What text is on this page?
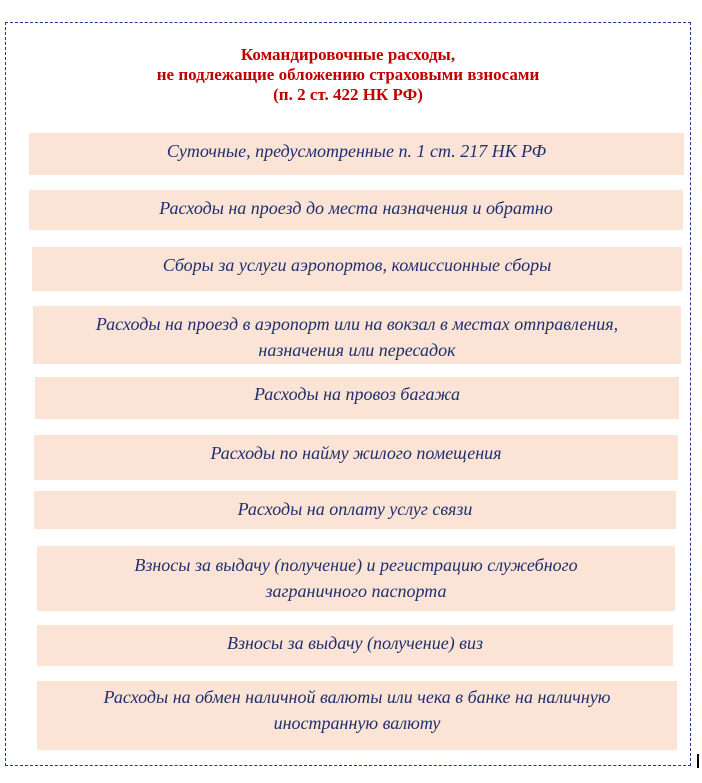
Командировочные расходы,
не подлежащие обложению страховыми взносами
(п. 2 ст. 422 НК РФ)
Суточные, предусмотренные п. 1 ст. 217 НК РФ
Расходы на проезд до места назначения и обратно
Сборы за услуги аэропортов, комиссионные сборы
Расходы на проезд в аэропорт или на вокзал в местах отправления,
назначения или пересадок
Расходы на провоз багажа
Расходы по найму жилого помещения
Расходы на оплату услуг связи
Взносы за выдачу (получение) и регистрацию служебного
заграничного паспорта
Взносы за выдачу (получение) виз
Расходы на обмен наличной валюты или чека в банке на наличную
иностранную валюту
